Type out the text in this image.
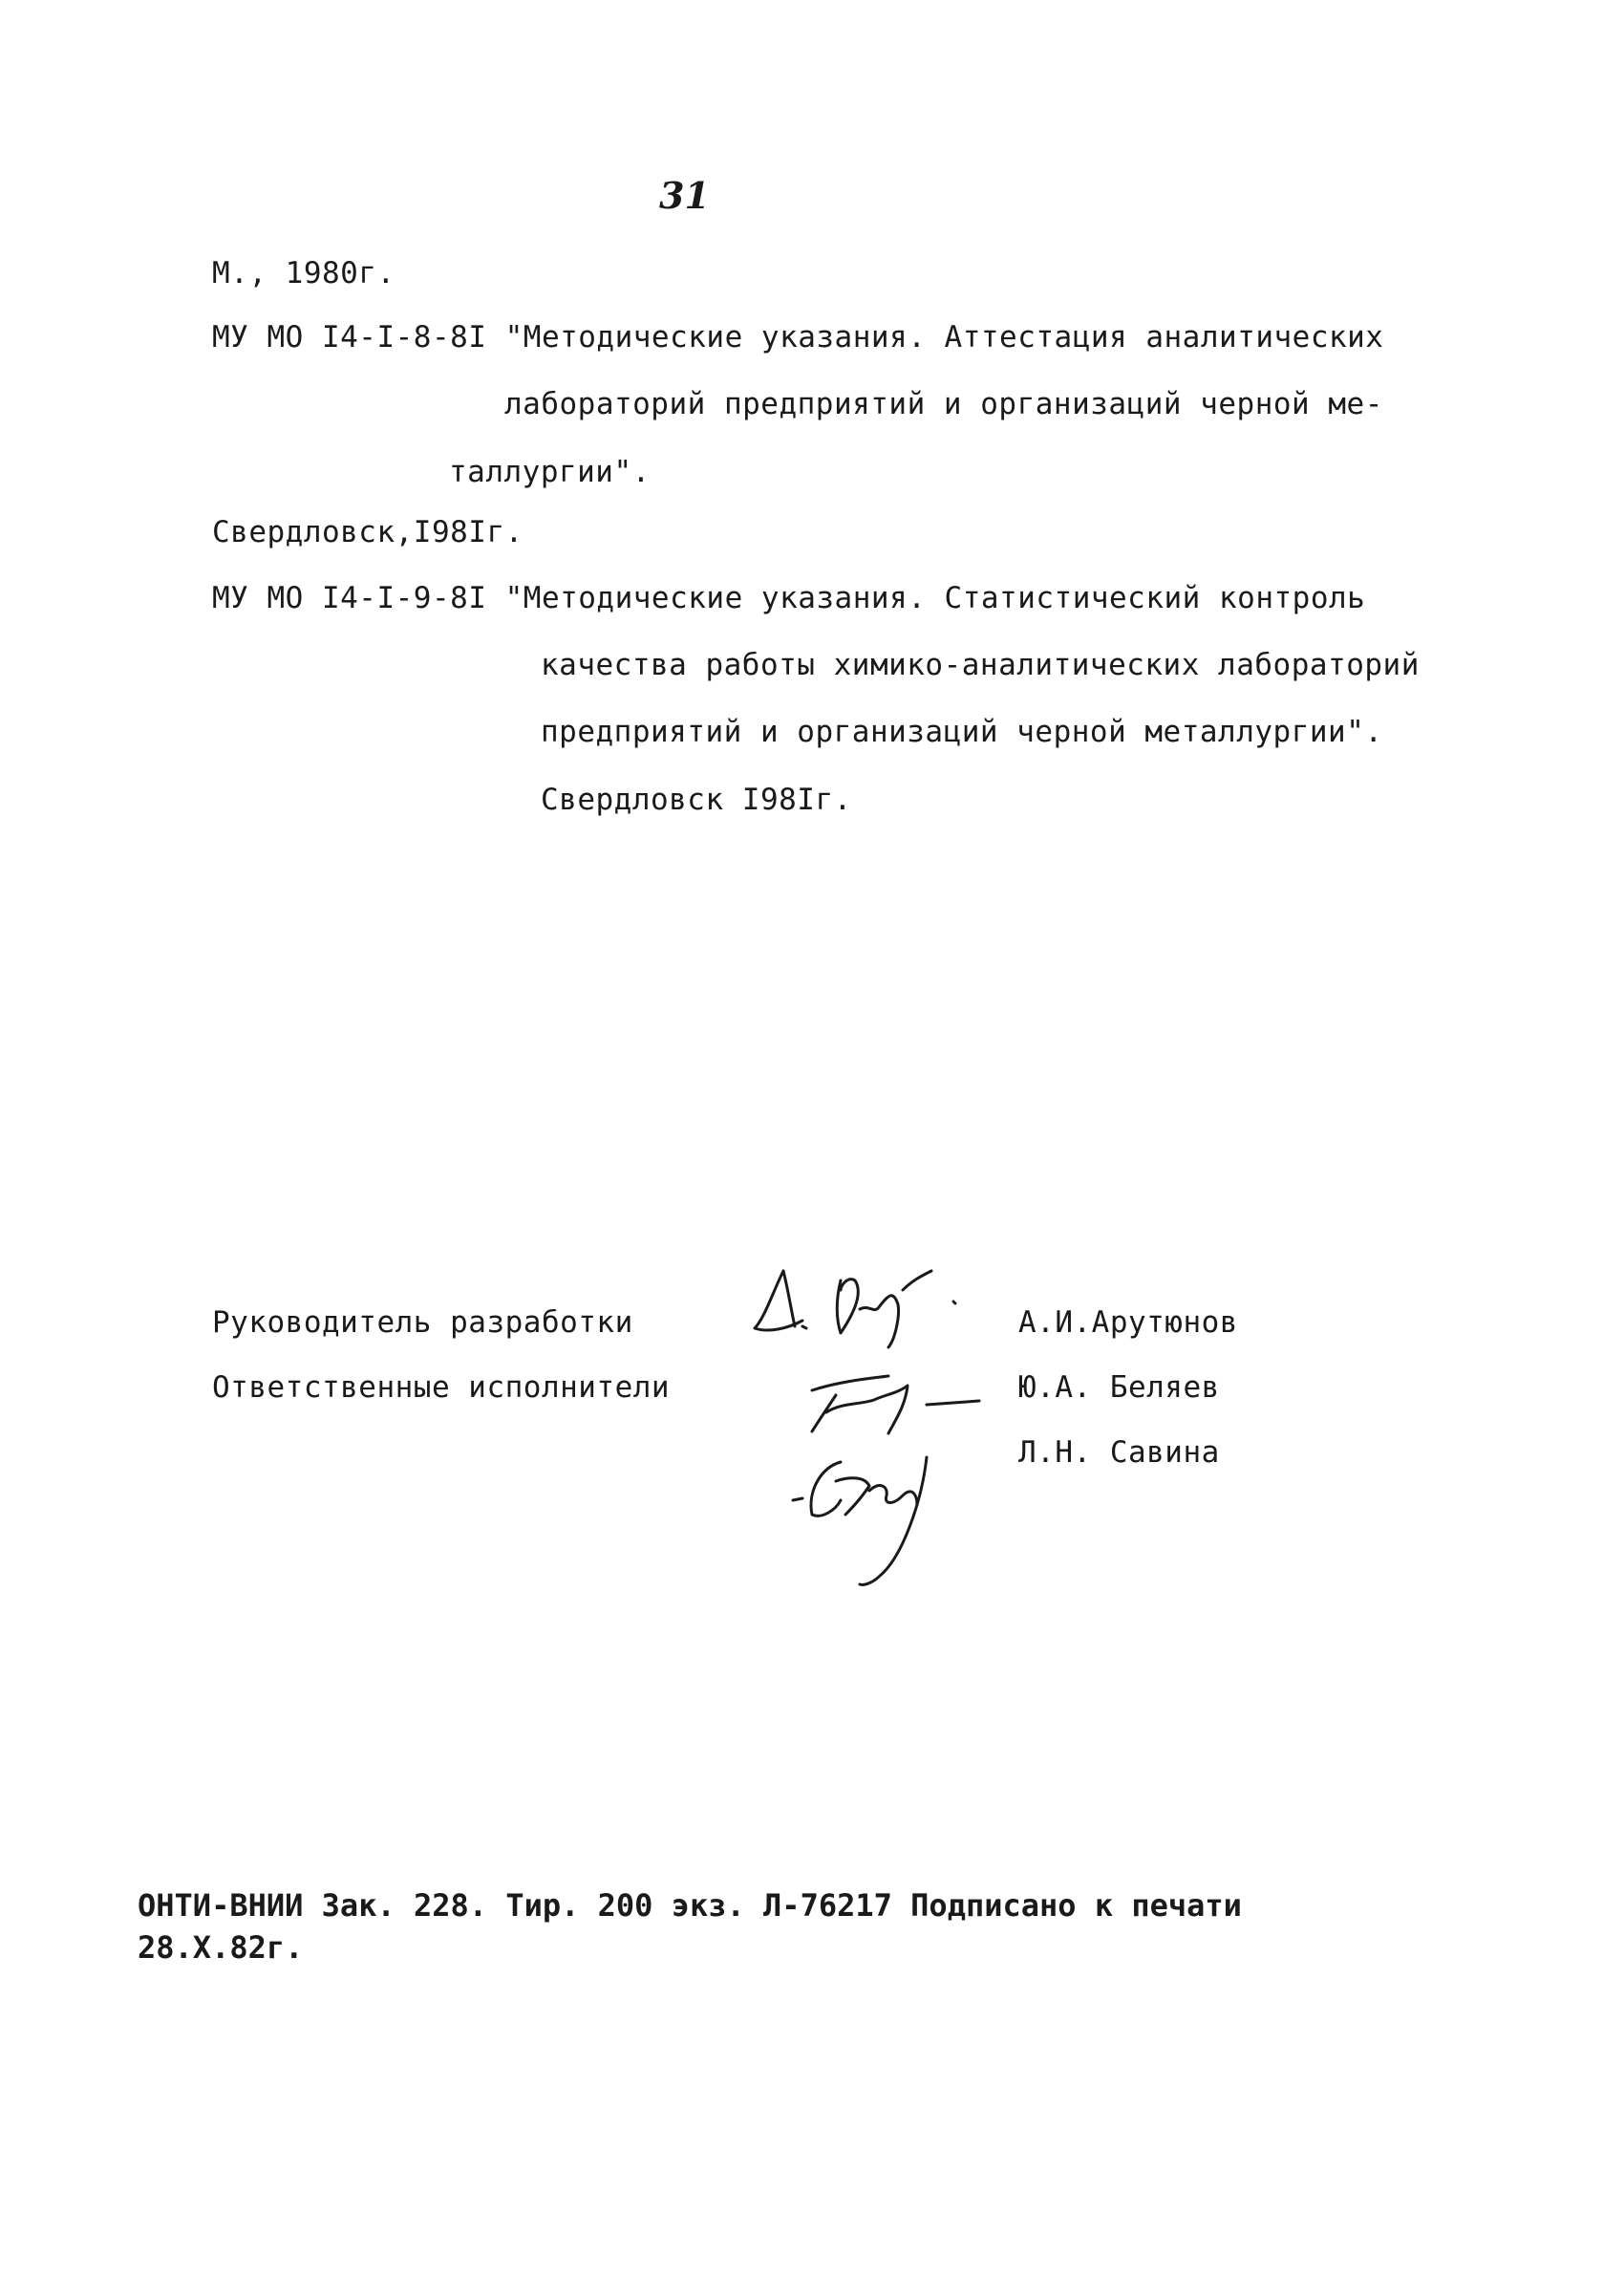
31
М., 1980г.
МУ МО I4-I-8-8I "Методические указания. Аттестация аналитических
лабораторий предприятий и организаций черной ме-
таллургии".
Свердловск,I98Iг.
МУ МО I4-I-9-8I "Методические указания. Статистический контроль
качества работы химико-аналитических лабораторий
предприятий и организаций черной металлургии".
Свердловск I98Iг.
Руководитель разработки	А.И.Арутюнов
Ответственные исполнители	Ю.А. Беляев
Л.Н. Савина
ОНТИ-ВНИИ Зак. 228. Тир. 200 экз. Л-76217 Подписано к печати
28.X.82г.
